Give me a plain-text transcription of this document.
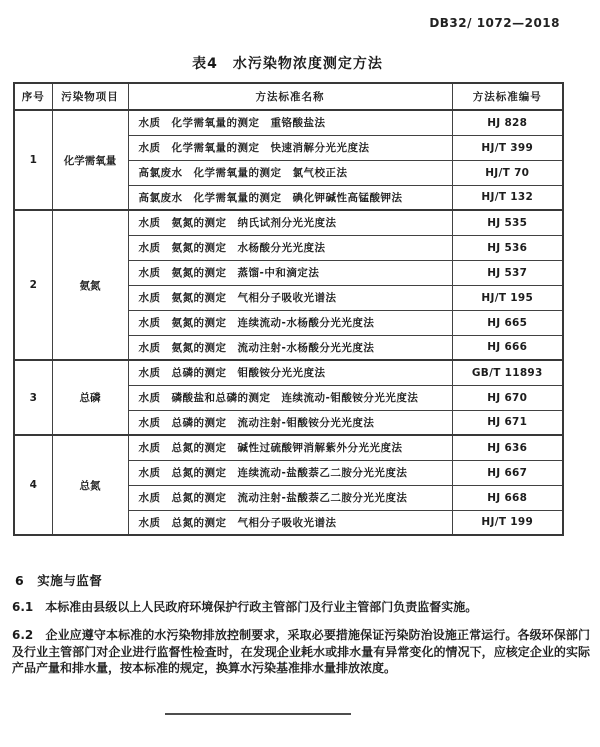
DB32/ 1072—2018
表4　水污染物浓度测定方法
序号	污染物项目	方法标准名称	方法标准编号
1	化学需氧量	水质　化学需氧量的测定　重铬酸盐法	HJ 828
		水质　化学需氧量的测定　快速消解分光光度法	HJ/T 399
		高氯废水　化学需氧量的测定　氯气校正法	HJ/T 70
		高氯废水　化学需氧量的测定　碘化钾碱性高锰酸钾法	HJ/T 132
2	氨氮	水质　氨氮的测定　纳氏试剂分光光度法	HJ 535
		水质　氨氮的测定　水杨酸分光光度法	HJ 536
		水质　氨氮的测定　蒸馏-中和滴定法	HJ 537
		水质　氨氮的测定　气相分子吸收光谱法	HJ/T 195
		水质　氨氮的测定　连续流动-水杨酸分光光度法	HJ 665
		水质　氨氮的测定　流动注射-水杨酸分光光度法	HJ 666
3	总磷	水质　总磷的测定　钼酸铵分光光度法	GB/T 11893
		水质　磷酸盐和总磷的测定　连续流动-钼酸铵分光光度法	HJ 670
		水质　总磷的测定　流动注射-钼酸铵分光光度法	HJ 671
4	总氮	水质　总氮的测定　碱性过硫酸钾消解紫外分光光度法	HJ 636
		水质　总氮的测定　连续流动-盐酸萘乙二胺分光光度法	HJ 667
		水质　总氮的测定　流动注射-盐酸萘乙二胺分光光度法	HJ 668
		水质　总氮的测定　气相分子吸收光谱法	HJ/T 199
6　实施与监督
6.1　本标准由县级以上人民政府环境保护行政主管部门及行业主管部门负责监督实施。
6.2　企业应遵守本标准的水污染物排放控制要求，采取必要措施保证污染防治设施正常运行。各级环保部门及行业主管部门对企业进行监督性检查时，在发现企业耗水或排水量有异常变化的情况下，应核定企业的实际产品产量和排水量，按本标准的规定，换算水污染基准排水量排放浓度。
